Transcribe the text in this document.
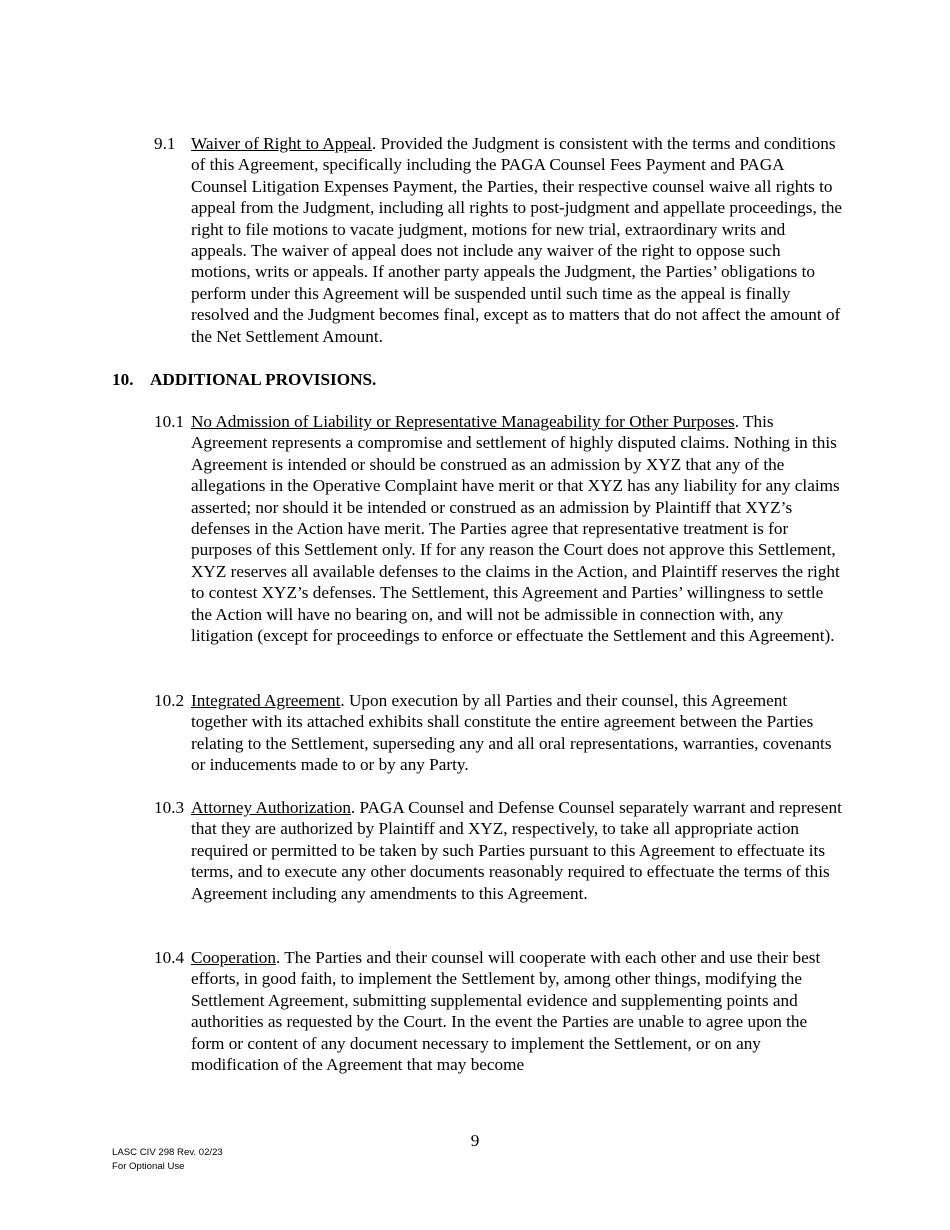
9.1 Waiver of Right to Appeal. Provided the Judgment is consistent with the terms and conditions of this Agreement, specifically including the PAGA Counsel Fees Payment and PAGA Counsel Litigation Expenses Payment, the Parties, their respective counsel waive all rights to appeal from the Judgment, including all rights to post-judgment and appellate proceedings, the right to file motions to vacate judgment, motions for new trial, extraordinary writs and appeals. The waiver of appeal does not include any waiver of the right to oppose such motions, writs or appeals. If another party appeals the Judgment, the Parties’ obligations to perform under this Agreement will be suspended until such time as the appeal is finally resolved and the Judgment becomes final, except as to matters that do not affect the amount of the Net Settlement Amount.
10. ADDITIONAL PROVISIONS.
10.1 No Admission of Liability or Representative Manageability for Other Purposes. This Agreement represents a compromise and settlement of highly disputed claims. Nothing in this Agreement is intended or should be construed as an admission by XYZ that any of the allegations in the Operative Complaint have merit or that XYZ has any liability for any claims asserted; nor should it be intended or construed as an admission by Plaintiff that XYZ’s defenses in the Action have merit. The Parties agree that representative treatment is for purposes of this Settlement only. If for any reason the Court does not approve this Settlement, XYZ reserves all available defenses to the claims in the Action, and Plaintiff reserves the right to contest XYZ’s defenses. The Settlement, this Agreement and Parties’ willingness to settle the Action will have no bearing on, and will not be admissible in connection with, any litigation (except for proceedings to enforce or effectuate the Settlement and this Agreement).
10.2 Integrated Agreement. Upon execution by all Parties and their counsel, this Agreement together with its attached exhibits shall constitute the entire agreement between the Parties relating to the Settlement, superseding any and all oral representations, warranties, covenants or inducements made to or by any Party.
10.3 Attorney Authorization. PAGA Counsel and Defense Counsel separately warrant and represent that they are authorized by Plaintiff and XYZ, respectively, to take all appropriate action required or permitted to be taken by such Parties pursuant to this Agreement to effectuate its terms, and to execute any other documents reasonably required to effectuate the terms of this Agreement including any amendments to this Agreement.
10.4 Cooperation. The Parties and their counsel will cooperate with each other and use their best efforts, in good faith, to implement the Settlement by, among other things, modifying the Settlement Agreement, submitting supplemental evidence and supplementing points and authorities as requested by the Court. In the event the Parties are unable to agree upon the form or content of any document necessary to implement the Settlement, or on any modification of the Agreement that may become
9
LASC CIV 298 Rev. 02/23
For Optional Use
